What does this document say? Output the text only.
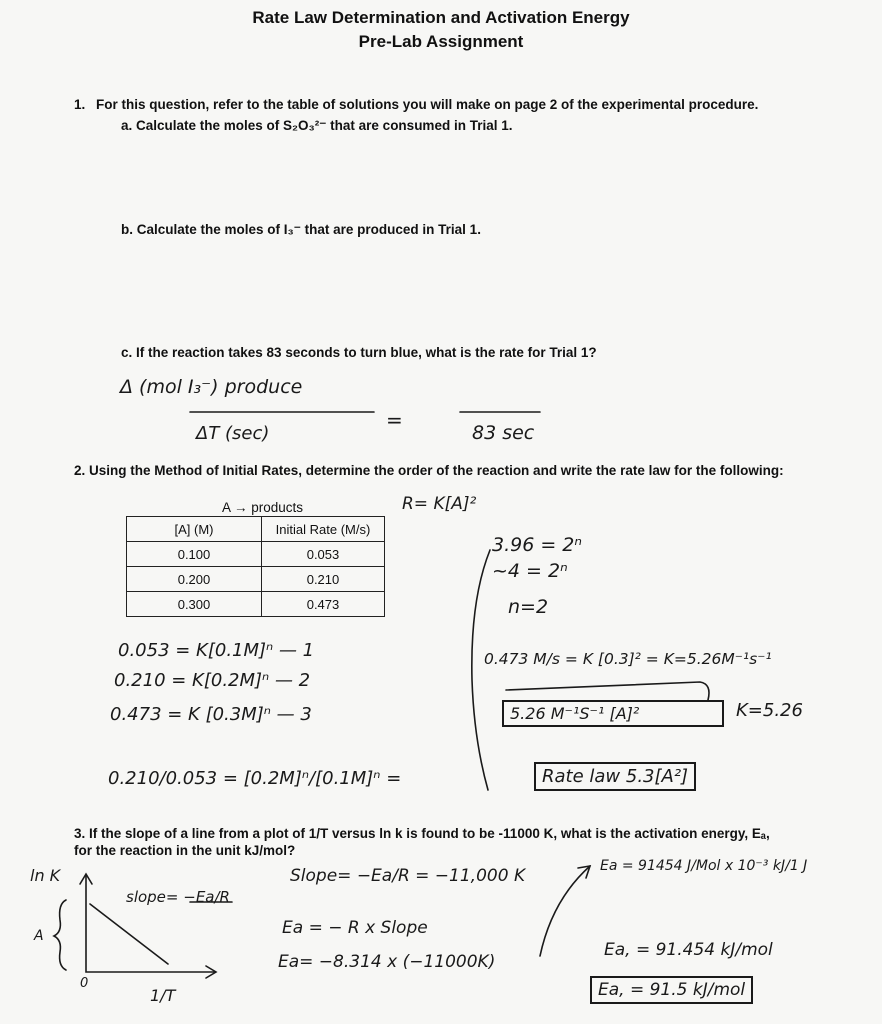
Rate Law Determination and Activation Energy
Pre-Lab Assignment
1. For this question, refer to the table of solutions you will make on page 2 of the experimental procedure.
a. Calculate the moles of S₂O₃²⁻ that are consumed in Trial 1.
b. Calculate the moles of I₃⁻ that are produced in Trial 1.
c. If the reaction takes 83 seconds to turn blue, what is the rate for Trial 1?
Δ (mol I₃⁻) produce
=
ΔT (sec)	83 sec
2. Using the Method of Initial Rates, determine the order of the reaction and write the rate law for the following:
A → products	R= K[A]²
[A] (M)	Initial Rate (M/s)
0.100	0.053
0.200	0.210
0.300	0.473
3.96 = 2ⁿ
~4 = 2ⁿ
n=2
0.053 = K[0.1M]ⁿ — 1
0.210 = K[0.2M]ⁿ — 2
0.473 = K [0.3M]ⁿ — 3
0.210/0.053 = [0.2M]ⁿ/[0.1M]ⁿ =
0.473 M/s = K [0.3]² = K=5.26M⁻¹s⁻¹
5.26 M⁻¹S⁻¹ [A]²	K=5.26
Rate law 5.3[A²]
3. If the slope of a line from a plot of 1/T versus ln k is found to be -11000 K, what is the activation energy, Eₐ,
for the reaction in the unit kJ/mol?
ln K
slope= −Ea/R
A
0
1/T
Slope= −Ea/R = −11,000 K
Ea = − R x Slope
Ea= −8.314 x (−11000K)
Ea = 91454 J/Mol x 10⁻³ kJ/1 J
Ea, = 91.454 kJ/mol
Ea, = 91.5 kJ/mol
